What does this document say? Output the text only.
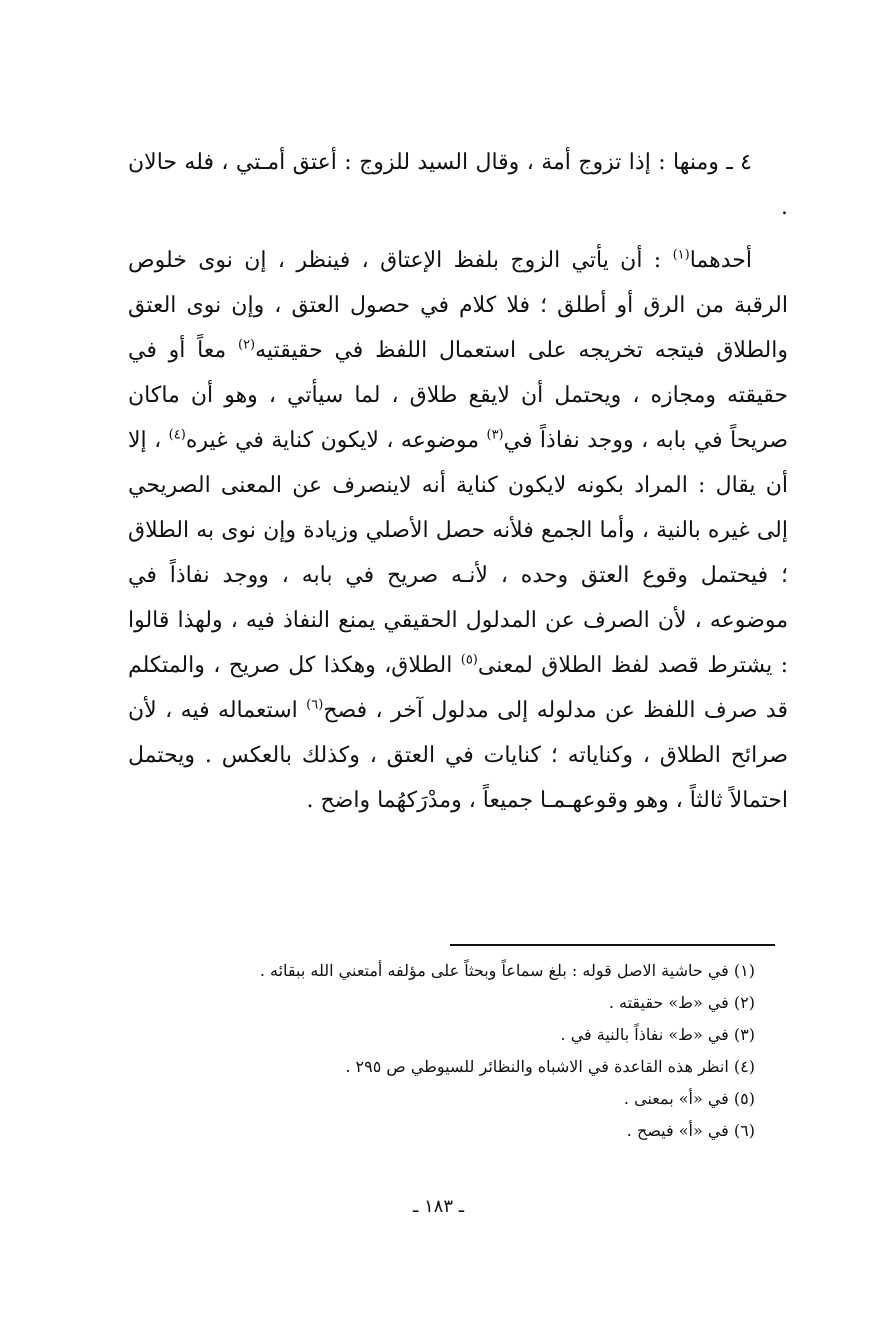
٤ ـ ومنها : إذا تزوج أمة ، وقال السيد للزوج : أعتق أمـتي ، فله حالان .

أحدهما$^{(١)}$ : أن يأتي الزوج بلفظ الإعتاق ، فينظر ، إن نوى خلوص الرقبة من الرق أو أطلق ؛ فلا كلام في حصول العتق ، وإن نوى العتق والطلاق فيتجه تخريجه على استعمال اللفظ في حقيقتيه$^{(٢)}$ معاً أو في حقيقته ومجازه ، ويحتمل أن لايقع طلاق ، لما سيأتي ، وهو أن ماكان صريحاً في بابه ، ووجد نفاذاً في$^{(٣)}$ موضوعه ، لايكون كناية في غيره$^{(٤)}$ ، إلا أن يقال : المراد بكونه لايكون كناية أنه لاينصرف عن المعنى الصريحي إلى غيره بالنية ، وأما الجمع فلأنه حصل الأصلي وزيادة وإن نوى به الطلاق ؛ فيحتمل وقوع العتق وحده ، لأنـه صريح في بابه ، ووجد نفاذاً في موضوعه ، لأن الصرف عن المدلول الحقيقي يمنع النفاذ فيه ، ولهذا قالوا : يشترط قصد لفظ الطلاق لمعنى$^{(٥)}$ الطلاق، وهكذا كل صريح ، والمتكلم قد صرف اللفظ عن مدلوله إلى مدلول آخر ، فصح$^{(٦)}$ استعماله فيه ، لأن صرائح الطلاق ، وكناياته ؛ كنايات في العتق ، وكذلك بالعكس . ويحتمل احتمالاً ثالثاً ، وهو وقوعهـمـا جميعاً ، ومدْرَكهُما واضح .

(١) في حاشية الاصل قوله : بلغ سماعاً وبحثاً على مؤلفه أمتعني الله ببقائه .
(٢) في «ط» حقيقته .
(٣) في «ط» نفاذاً بالنية في .
(٤) انظر هذه القاعدة في الاشباه والنظائر للسيوطي ص ٢٩٥ .
(٥) في «أ» بمعنى .
(٦) في «أ» فيصح .
ـ ١٨٣ ـ
